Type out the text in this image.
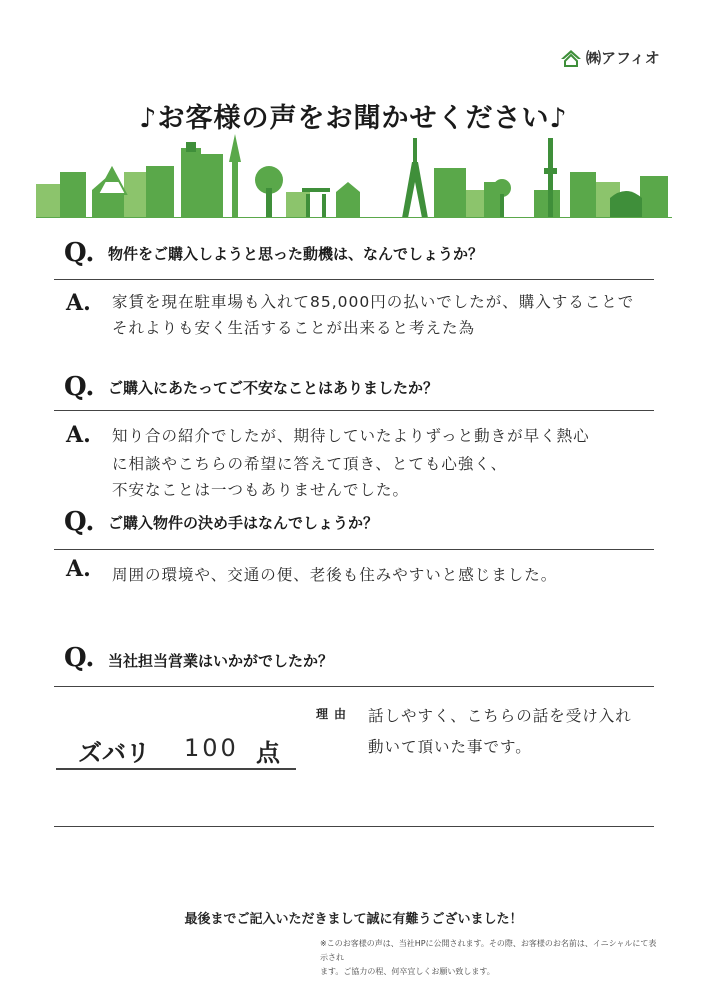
㈱アフィオ
♪お客様の声をお聞かせください♪
Q. 物件をご購入しようと思った動機は、なんでしょうか？
A. 家賃を現在駐車場も入れて85,000円の払いでしたが、購入することで
それよりも安く生活することが出来ると考えた為
Q. ご購入にあたってご不安なことはありましたか？
A. 知り合の紹介でしたが、期待していたよりずっと動きが早く熱心
に相談やこちらの希望に答えて頂き、とても心強く、
不安なことは一つもありませんでした。
Q. ご購入物件の決め手はなんでしょうか？
A. 周囲の環境や、交通の便、老後も住みやすいと感じました。
Q. 当社担当営業はいかがでしたか？
理由 話しやすく、こちらの話を受け入れ
動いて頂いた事です。
ズバリ 100 点
最後までご記入いただきまして誠に有難うございました！
※このお客様の声は、当社HPに公開されます。その際、お客様のお名前は、イニシャルにて表示され
ます。ご協力の程、何卒宜しくお願い致します。
